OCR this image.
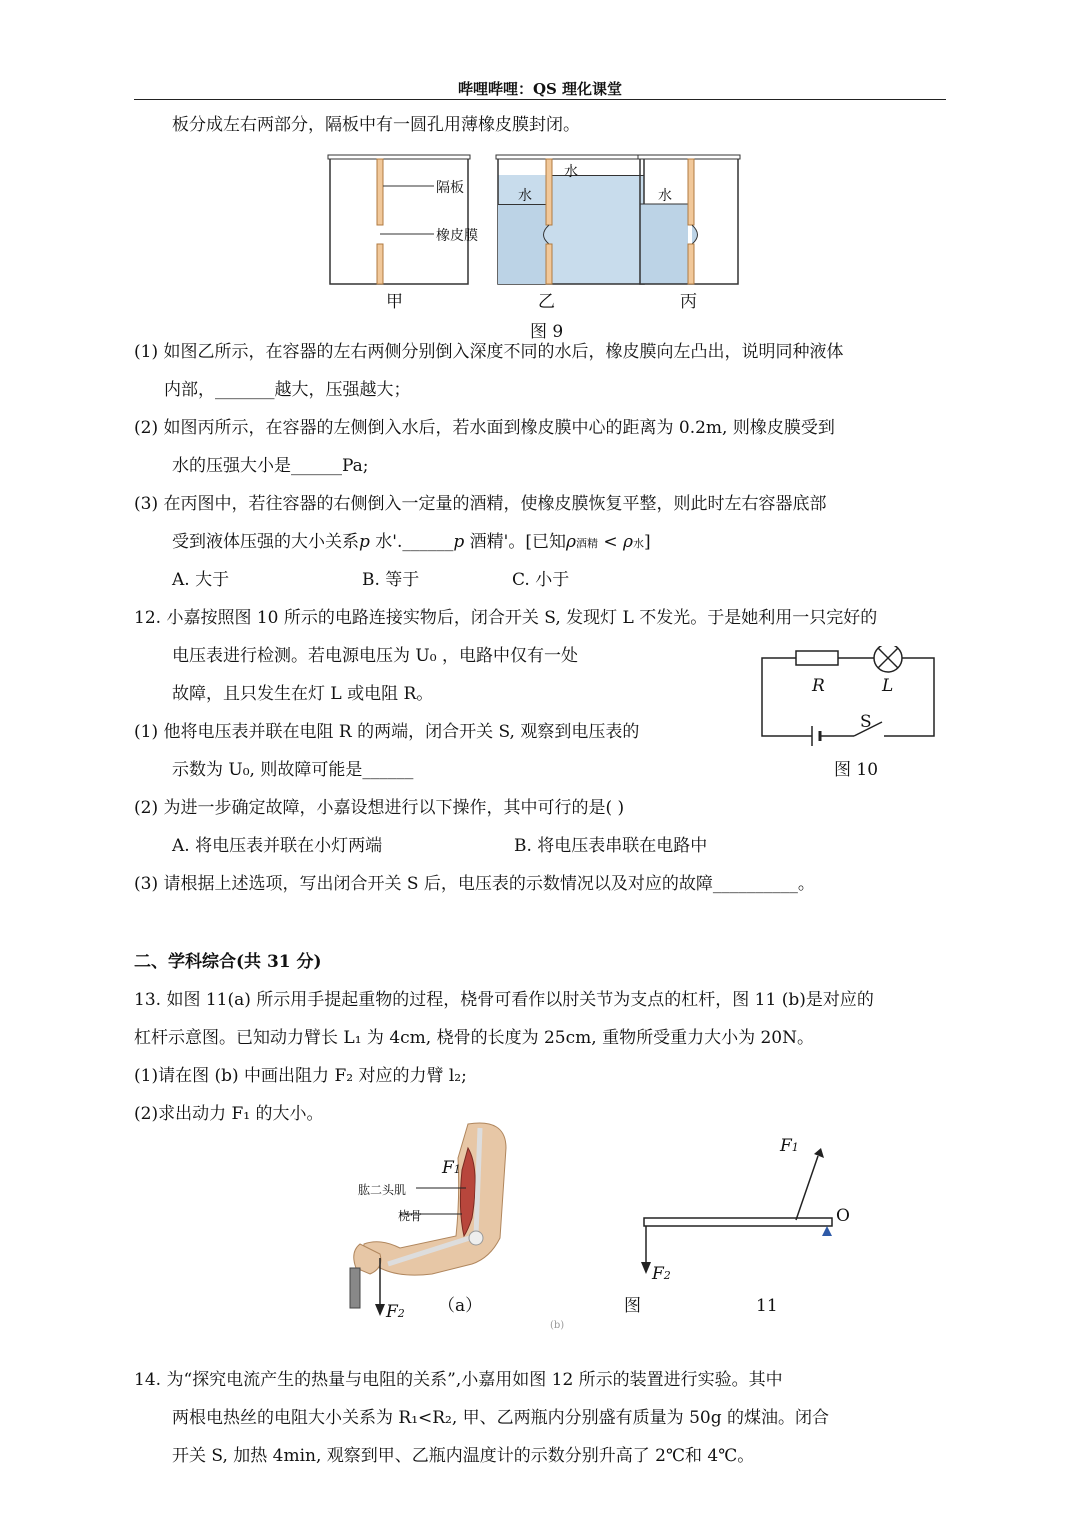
哔哩哔哩：QS 理化课堂
板分成左右两部分，隔板中有一圆孔用薄橡皮膜封闭。
隔板
橡皮膜
水
水
水
甲	乙	丙
图 9
(1) 如图乙所示，在容器的左右两侧分别倒入深度不同的水后，橡皮膜向左凸出，说明同种液体
内部，_______越大，压强越大；
(2) 如图丙所示，在容器的左侧倒入水后，若水面到橡皮膜中心的距离为 0.2m, 则橡皮膜受到
水的压强大小是______Pa;
(3) 在丙图中，若往容器的右侧倒入一定量的酒精，使橡皮膜恢复平整，则此时左右容器底部
受到液体压强的大小关系p 水'.______p 酒精'。[已知ρ酒精 < ρ水]
A. 大于	B. 等于	C. 小于
12. 小嘉按照图 10 所示的电路连接实物后，闭合开关 S, 发现灯 L 不发光。于是她利用一只完好的
电压表进行检测。若电源电压为 U₀ ，电路中仅有一处
故障，且只发生在灯 L 或电阻 R。
(1) 他将电压表并联在电阻 R 的两端，闭合开关 S, 观察到电压表的
示数为 U₀, 则故障可能是______
(2) 为进一步确定故障，小嘉设想进行以下操作，其中可行的是( )
A. 将电压表并联在小灯两端	B. 将电压表串联在电路中
(3) 请根据上述选项，写出闭合开关 S 后，电压表的示数情况以及对应的故障__________。
R	L
S
图 10
二、学科综合(共 31 分)
13. 如图 11(a) 所示用手提起重物的过程，桡骨可看作以肘关节为支点的杠杆，图 11 (b)是对应的
杠杆示意图。已知动力臂长 L₁ 为 4cm, 桡骨的长度为 25cm, 重物所受重力大小为 20N。
(1)请在图 (b) 中画出阻力 F₂ 对应的力臂 l₂;
(2)求出动力 F₁ 的大小。
肱二头肌
桡骨
F1
F2 （a）
(b)
F1
F2
O
图	11
14. 为“探究电流产生的热量与电阻的关系”,小嘉用如图 12 所示的装置进行实验。其中
两根电热丝的电阻大小关系为 R₁<R₂, 甲、乙两瓶内分别盛有质量为 50g 的煤油。闭合
开关 S, 加热 4min, 观察到甲、乙瓶内温度计的示数分别升高了 2℃和 4℃。
